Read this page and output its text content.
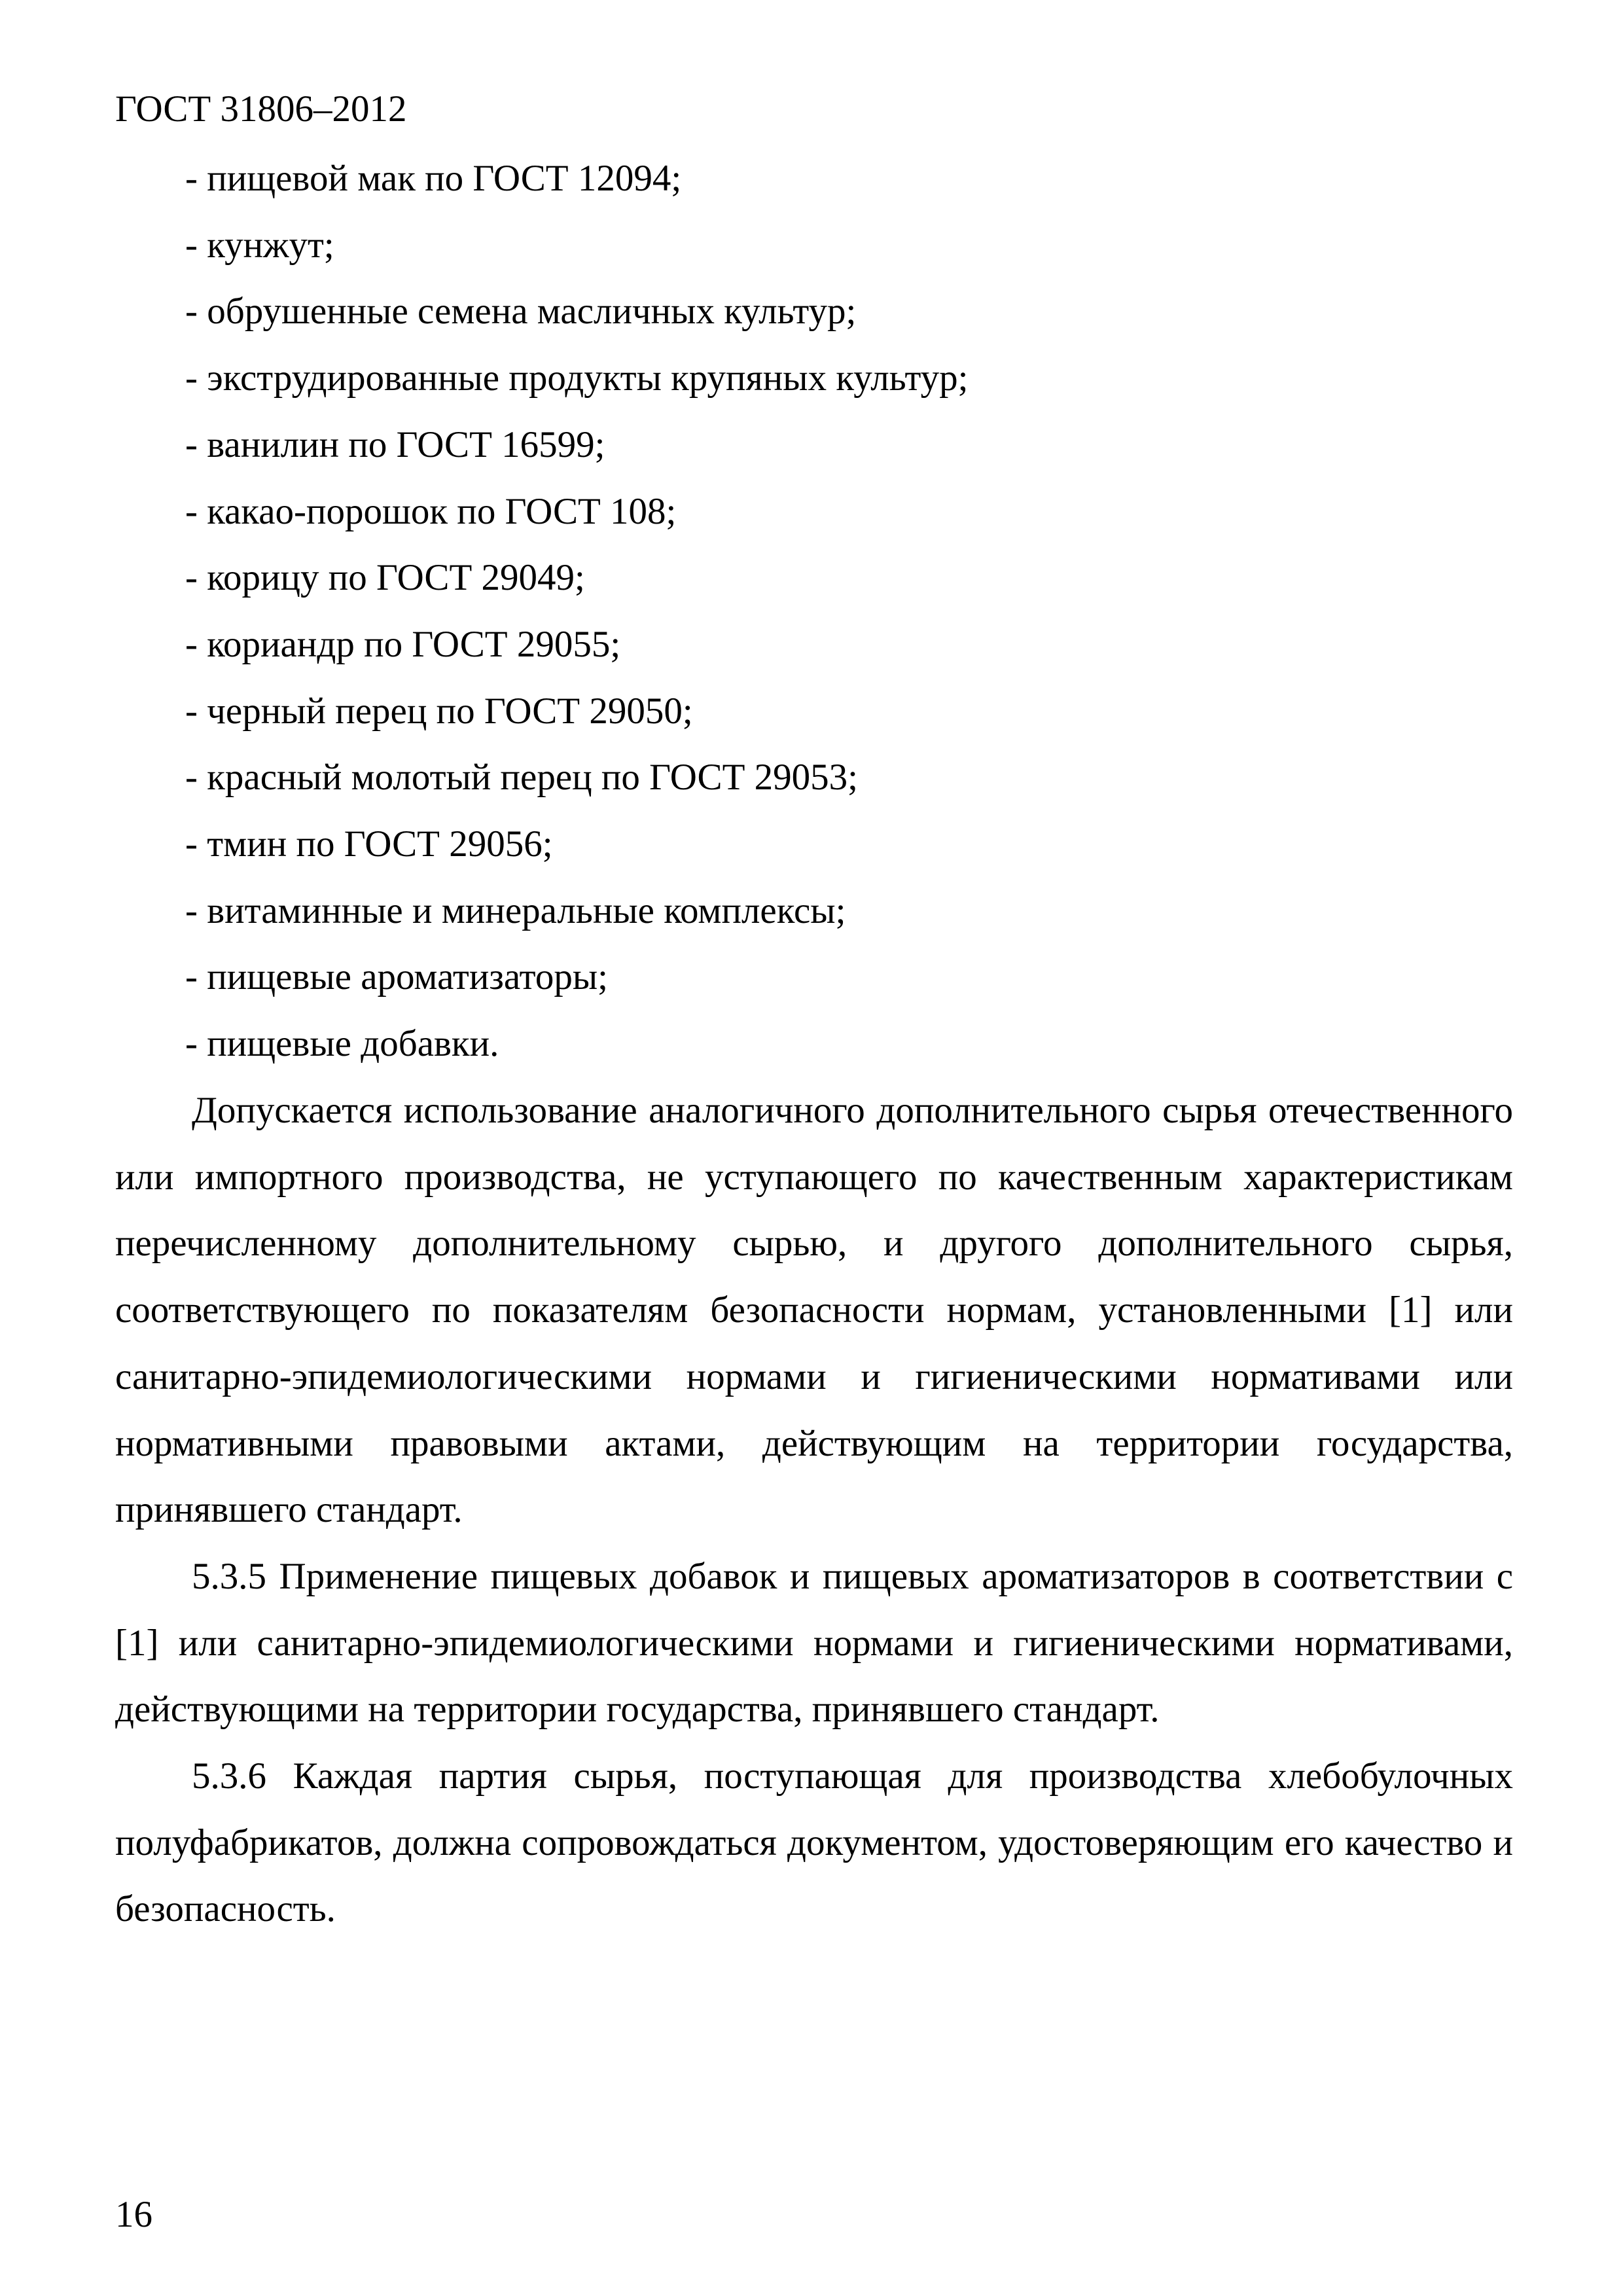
ГОСТ 31806–2012
- пищевой мак по ГОСТ 12094;
- кунжут;
- обрушенные семена масличных культур;
- экструдированные продукты крупяных культур;
- ванилин по ГОСТ 16599;
- какао-порошок по ГОСТ 108;
- корицу по ГОСТ 29049;
- кориандр по ГОСТ 29055;
- черный перец по ГОСТ 29050;
- красный молотый перец по ГОСТ 29053;
- тмин по ГОСТ 29056;
- витаминные и минеральные комплексы;
- пищевые ароматизаторы;
- пищевые добавки.

Допускается использование аналогичного дополнительного сырья отечественного или импортного производства, не уступающего по качественным характеристикам перечисленному дополнительному сырью, и другого дополнительного сырья, соответствующего по показателям безопасности нормам, установленными [1] или санитарно-эпидемиологическими нормами и гигиеническими нормативами или нормативными правовыми актами, действующим на территории государства, принявшего стандарт.

5.3.5 Применение пищевых добавок и пищевых ароматизаторов в соответствии с [1] или санитарно-эпидемиологическими нормами и гигиеническими нормативами, действующими на территории государства, принявшего стандарт.

5.3.6 Каждая партия сырья, поступающая для производства хлебобулочных полуфабрикатов, должна сопровождаться документом, удостоверяющим его качество и безопасность.

16
